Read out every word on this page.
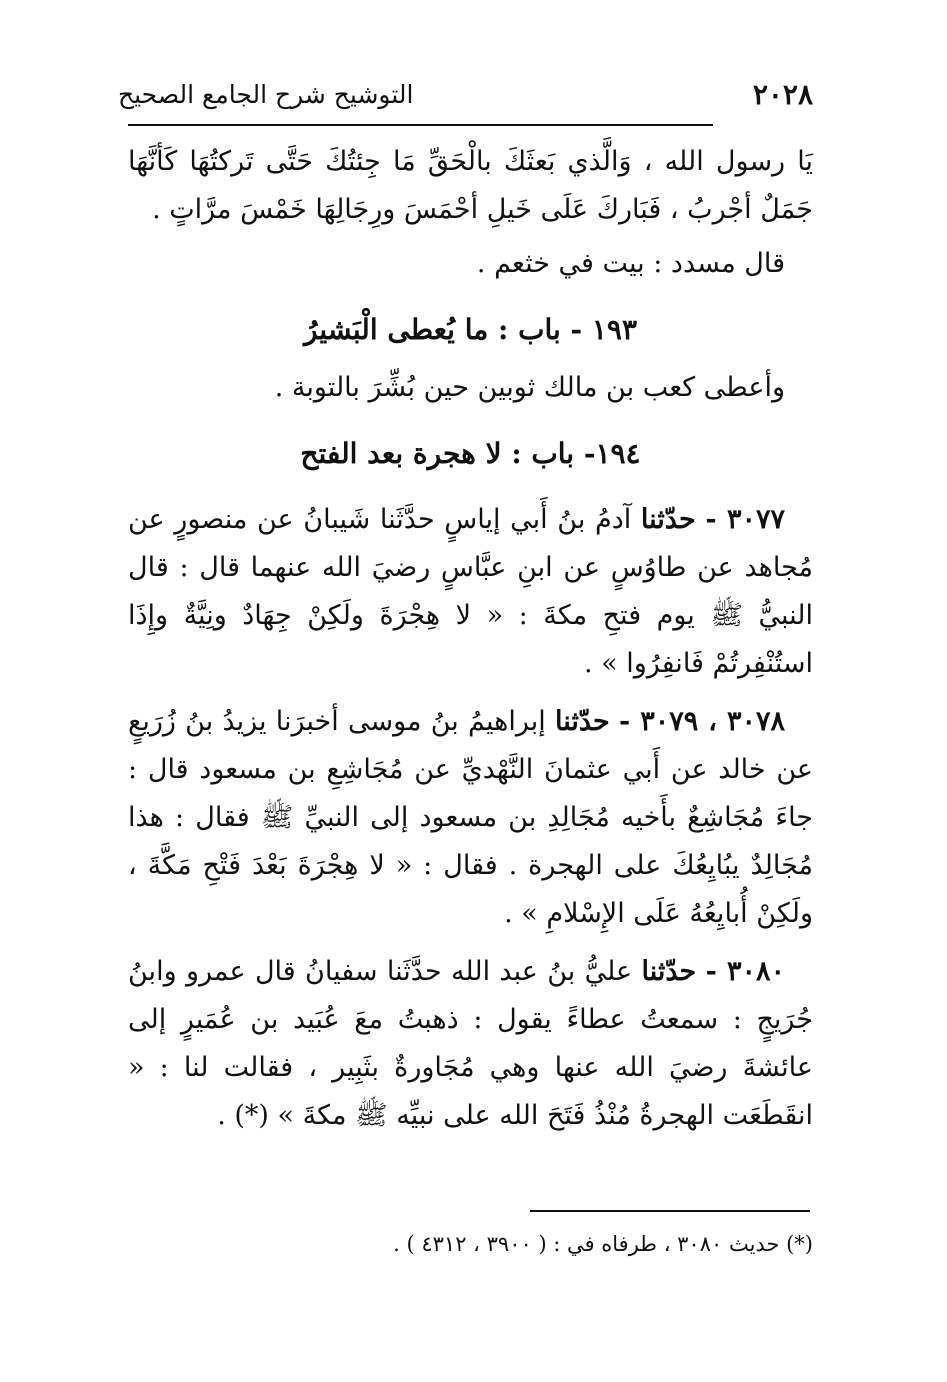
٢٠٢٨
التوشيح شرح الجامع الصحيح

يَا رسول الله ، وَالَّذي بَعثَكَ بالْحَقِّ مَا جِئتُكَ حَتَّى تَركتُهَا كَأنَّهَا جَمَلٌ أجْربُ ، فَبَاركَ عَلَى خَيلِ أحْمَسَ ورِجَالِهَا خَمْسَ مرَّاتٍ .

قال مسدد : بيت في خثعم .

١٩٣ - باب : ما يُعطى الْبَشيرُ

وأعطى كعب بن مالك ثوبين حين بُشِّرَ بالتوبة .

١٩٤- باب : لا هجرة بعد الفتح

٣٠٧٧ - حدّثنا آدمُ بنُ أَبي إياسٍ حدَّثَنا شَيبانُ عن منصورٍ عن مُجاهد عن طاوُسٍ عن ابنِ عبَّاسٍ رضيَ الله عنهما قال : قال النبيُّ ﷺ يوم فتحِ مكةَ : « لا هِجْرَةَ ولَكِنْ جِهَادٌ ونِيَّةٌ وإِذَا استُنْفِرتُمْ فَانفِرُوا » .

٣٠٧٨ ، ٣٠٧٩ - حدّثنا إبراهيمُ بنُ موسى أخبرَنا يزيدُ بنُ زُرَيعٍ عن خالد عن أَبي عثمانَ النَّهْديِّ عن مُجَاشِعِ بن مسعود قال : جاءَ مُجَاشِعٌ بأَخيه مُجَالِدِ بن مسعود إلى النبيِّ ﷺ فقال : هذا مُجَالِدٌ يبُايِعُكَ على الهجرة . فقال : « لا هِجْرَةَ بَعْدَ فَتْحِ مَكَّةَ ، ولَكِنْ أُبايِعُهُ عَلَى الإِسْلامِ » .

٣٠٨٠ - حدّثنا عليُّ بنُ عبد الله حدَّثَنا سفيانُ قال عمرو وابنُ جُرَيجٍ : سمعتُ عطاءً يقول : ذهبتُ معَ عُبَيد بن عُمَيرٍ إلى عائشةَ رضيَ الله عنها وهي مُجَاورةٌ بثَبِير ، فقالت لنا : « انقَطَعَت الهجرةُ مُنْذُ فَتَحَ الله على نبيِّه ﷺ مكةَ » (*) .

(*) حديث ٣٠٨٠ ، طرفاه في : ( ٣٩٠٠ ، ٤٣١٢ ) .
